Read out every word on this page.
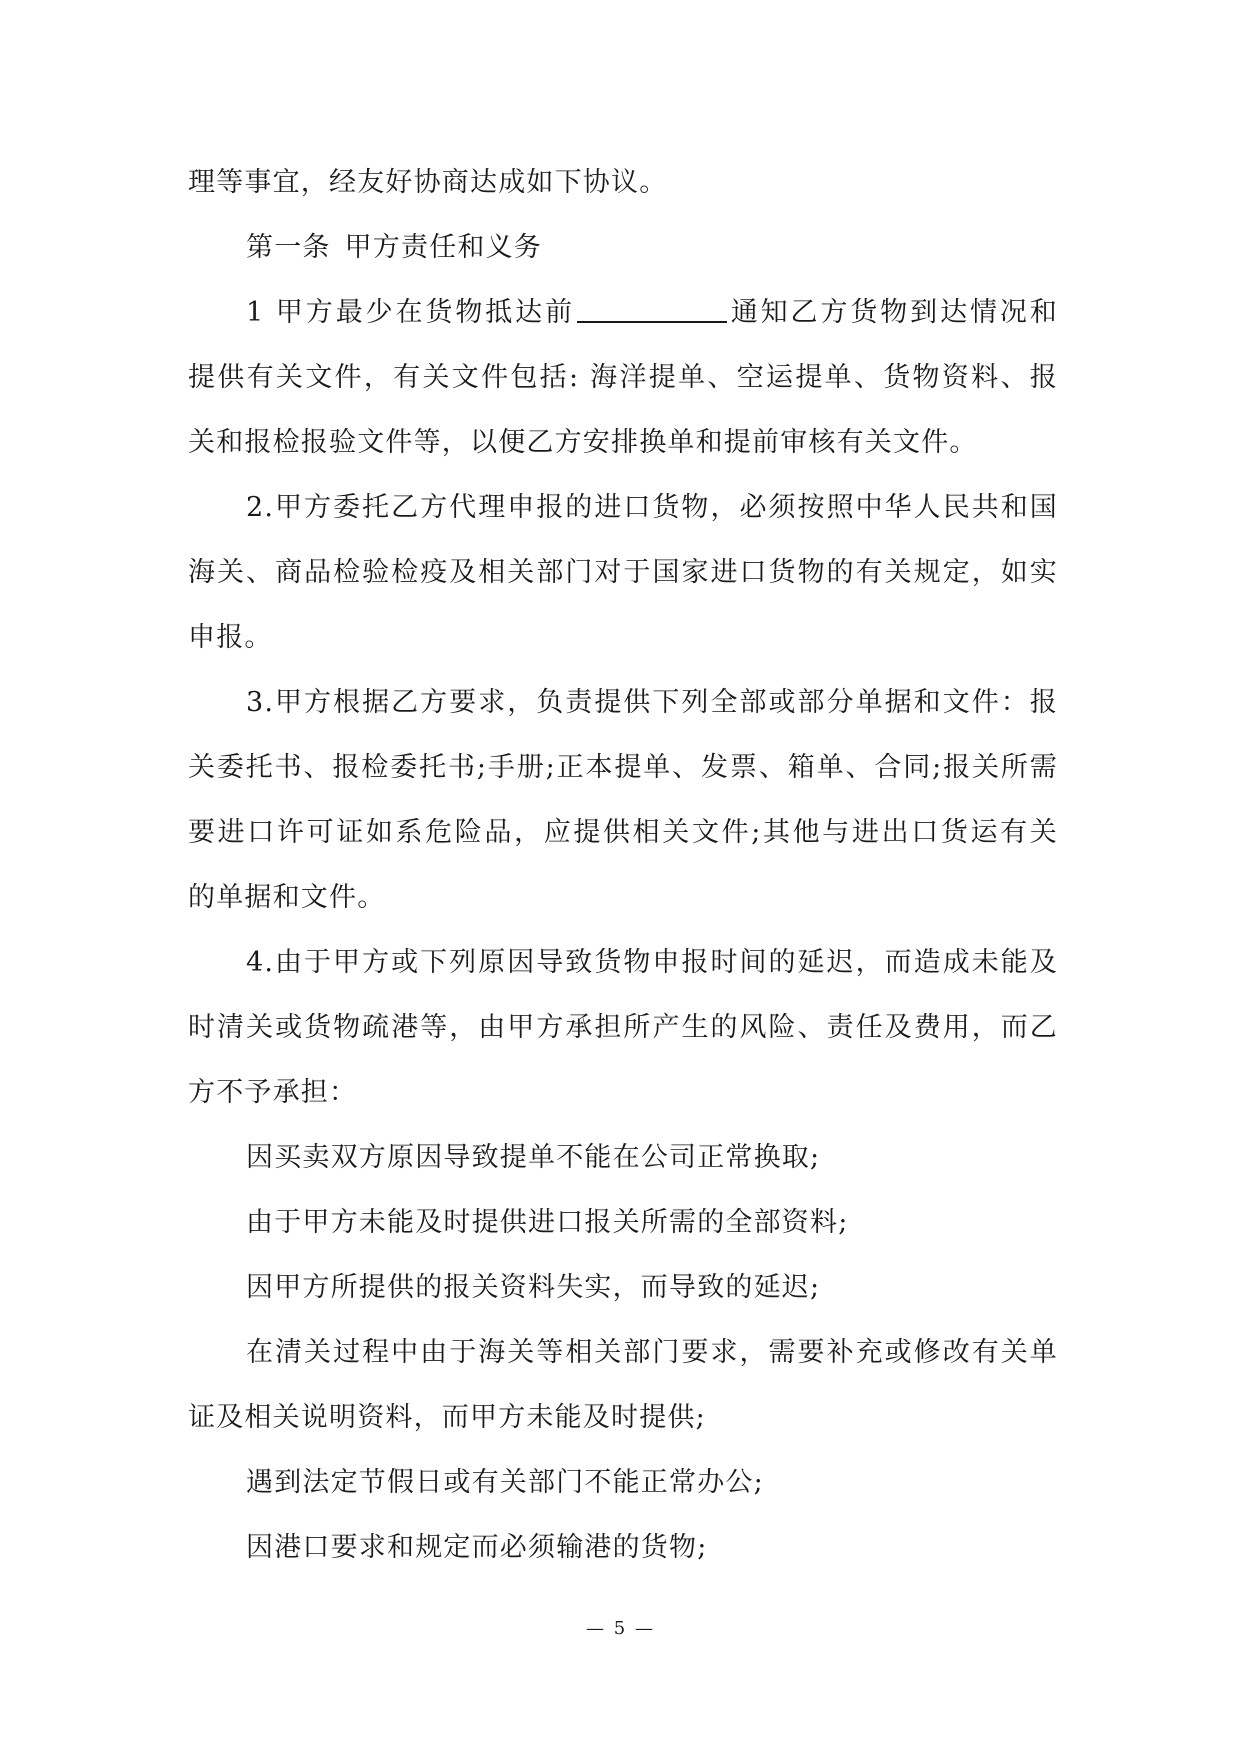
理等事宜，经友好协商达成如下协议。
第一条 甲方责任和义务
1 甲方最少在货物抵达前	通知乙方货物到达情况和
提供有关文件，有关文件包括: 海洋提单、空运提单、货物资料、报
关和报检报验文件等，以便乙方安排换单和提前审核有关文件。
2.甲方委托乙方代理申报的进口货物，必须按照中华人民共和国
海关、商品检验检疫及相关部门对于国家进口货物的有关规定，如实
申报。
3.甲方根据乙方要求，负责提供下列全部或部分单据和文件：报
关委托书、报检委托书;手册;正本提单、发票、箱单、合同;报关所需
要进口许可证如系危险品，应提供相关文件;其他与进出口货运有关
的单据和文件。
4.由于甲方或下列原因导致货物申报时间的延迟，而造成未能及
时清关或货物疏港等，由甲方承担所产生的风险、责任及费用，而乙
方不予承担：
因买卖双方原因导致提单不能在公司正常换取;
由于甲方未能及时提供进口报关所需的全部资料;
因甲方所提供的报关资料失实，而导致的延迟;
在清关过程中由于海关等相关部门要求，需要补充或修改有关单
证及相关说明资料，而甲方未能及时提供;
遇到法定节假日或有关部门不能正常办公;
因港口要求和规定而必须输港的货物;
— 5 —
